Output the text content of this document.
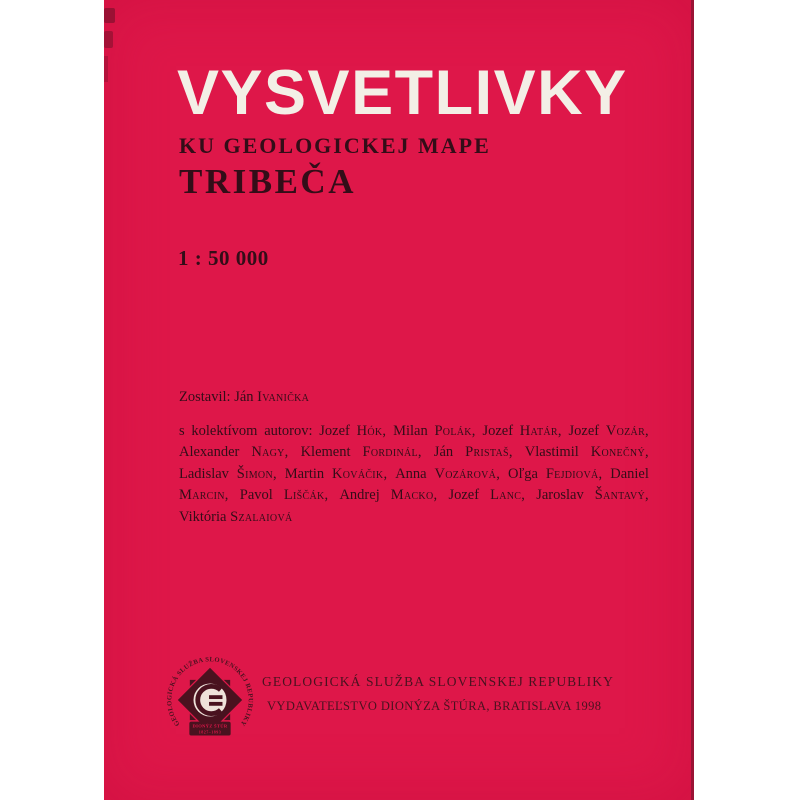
VYSVETLIVKY
KU GEOLOGICKEJ MAPE
TRIBEČA
1 : 50 000
Zostavil: Ján Ivanička
s kolektívom autorov: Jozef Hók, Milan Polák, Jozef Határ, Jozef Vozár,
Alexander Nagy, Klement Fordinál, Ján Pristaš, Vlastimil Konečný,
Ladislav Šimon, Martin Kováčik, Anna Vozárová, Oľga Fejdiová, Daniel
Marcin, Pavol Liščák, Andrej Macko, Jozef Lanc, Jaroslav Šantavý,
Viktória Szalaiová
DIONÝZ ŠTÚR
1827–1893
GEOLOGICKÁ SLUŽBA SLOVENSKEJ REPUBLIKY
GEOLOGICKÁ SLUŽBA SLOVENSKEJ REPUBLIKY
VYDAVATEĽSTVO DIONÝZA ŠTÚRA, BRATISLAVA 1998
